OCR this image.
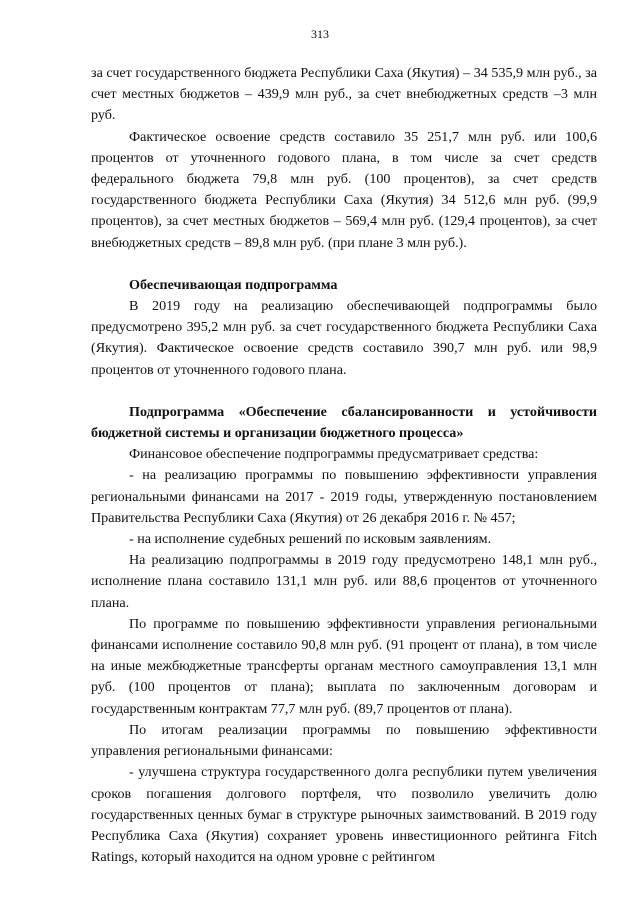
313

за счет государственного бюджета Республики Саха (Якутия) – 34 535,9 млн руб., за счет местных бюджетов – 439,9 млн руб., за счет внебюджетных средств –3 млн руб.

Фактическое освоение средств составило 35 251,7 млн руб. или 100,6 процентов от уточненного годового плана, в том числе за счет средств федерального бюджета 79,8 млн руб. (100 процентов), за счет средств государственного бюджета Республики Саха (Якутия) 34 512,6 млн руб. (99,9 процентов), за счет местных бюджетов – 569,4 млн руб. (129,4 процентов), за счет внебюджетных средств – 89,8 млн руб. (при плане 3 млн руб.).

Обеспечивающая подпрограмма

В 2019 году на реализацию обеспечивающей подпрограммы было предусмотрено 395,2 млн руб. за счет государственного бюджета Республики Саха (Якутия). Фактическое освоение средств составило 390,7 млн руб. или 98,9 процентов от уточненного годового плана.

Подпрограмма «Обеспечение сбалансированности и устойчивости бюджетной системы и организации бюджетного процесса»

Финансовое обеспечение подпрограммы предусматривает средства:

- на реализацию программы по повышению эффективности управления региональными финансами на 2017 - 2019 годы, утвержденную постановлением Правительства Республики Саха (Якутия) от 26 декабря 2016 г. № 457;

- на исполнение судебных решений по исковым заявлениям.

На реализацию подпрограммы в 2019 году предусмотрено 148,1 млн руб., исполнение плана составило 131,1 млн руб. или 88,6 процентов от уточненного плана.

По программе по повышению эффективности управления региональными финансами исполнение составило 90,8 млн руб. (91 процент от плана), в том числе на иные межбюджетные трансферты органам местного самоуправления 13,1 млн руб. (100 процентов от плана); выплата по заключенным договорам и государственным контрактам 77,7 млн руб. (89,7 процентов от плана).

По итогам реализации программы по повышению эффективности управления региональными финансами:

- улучшена структура государственного долга республики путем увеличения сроков погашения долгового портфеля, что позволило увеличить долю государственных ценных бумаг в структуре рыночных заимствований. В 2019 году Республика Саха (Якутия) сохраняет уровень инвестиционного рейтинга Fitch Ratings, который находится на одном уровне с рейтингом
